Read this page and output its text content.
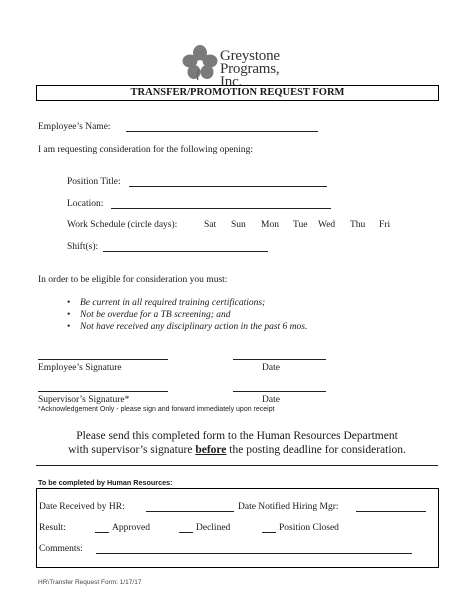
Greystone
Programs, Inc.
TRANSFER/PROMOTION REQUEST FORM
Employee’s Name:
I am requesting consideration for the following opening:
Position Title:
Location:
Work Schedule (circle days):	Sat Sun Mon Tue Wed Thu Fri
Shift(s):
In order to be eligible for consideration you must:
• Be current in all required training certifications;
• Not be overdue for a TB screening; and
• Not have received any disciplinary action in the past 6 mos.
Employee’s Signature	Date
Supervisor’s Signature*	Date
*Acknowledgement Only - please sign and forward immediately upon receipt
Please send this completed form to the Human Resources Department
with supervisor’s signature before the posting deadline for consideration.
To be completed by Human Resources:
Date Received by HR:	Date Notified Hiring Mgr:
Result:	Approved	Declined	Position Closed
Comments:
HR\Transfer Request Form: 1/17/17
